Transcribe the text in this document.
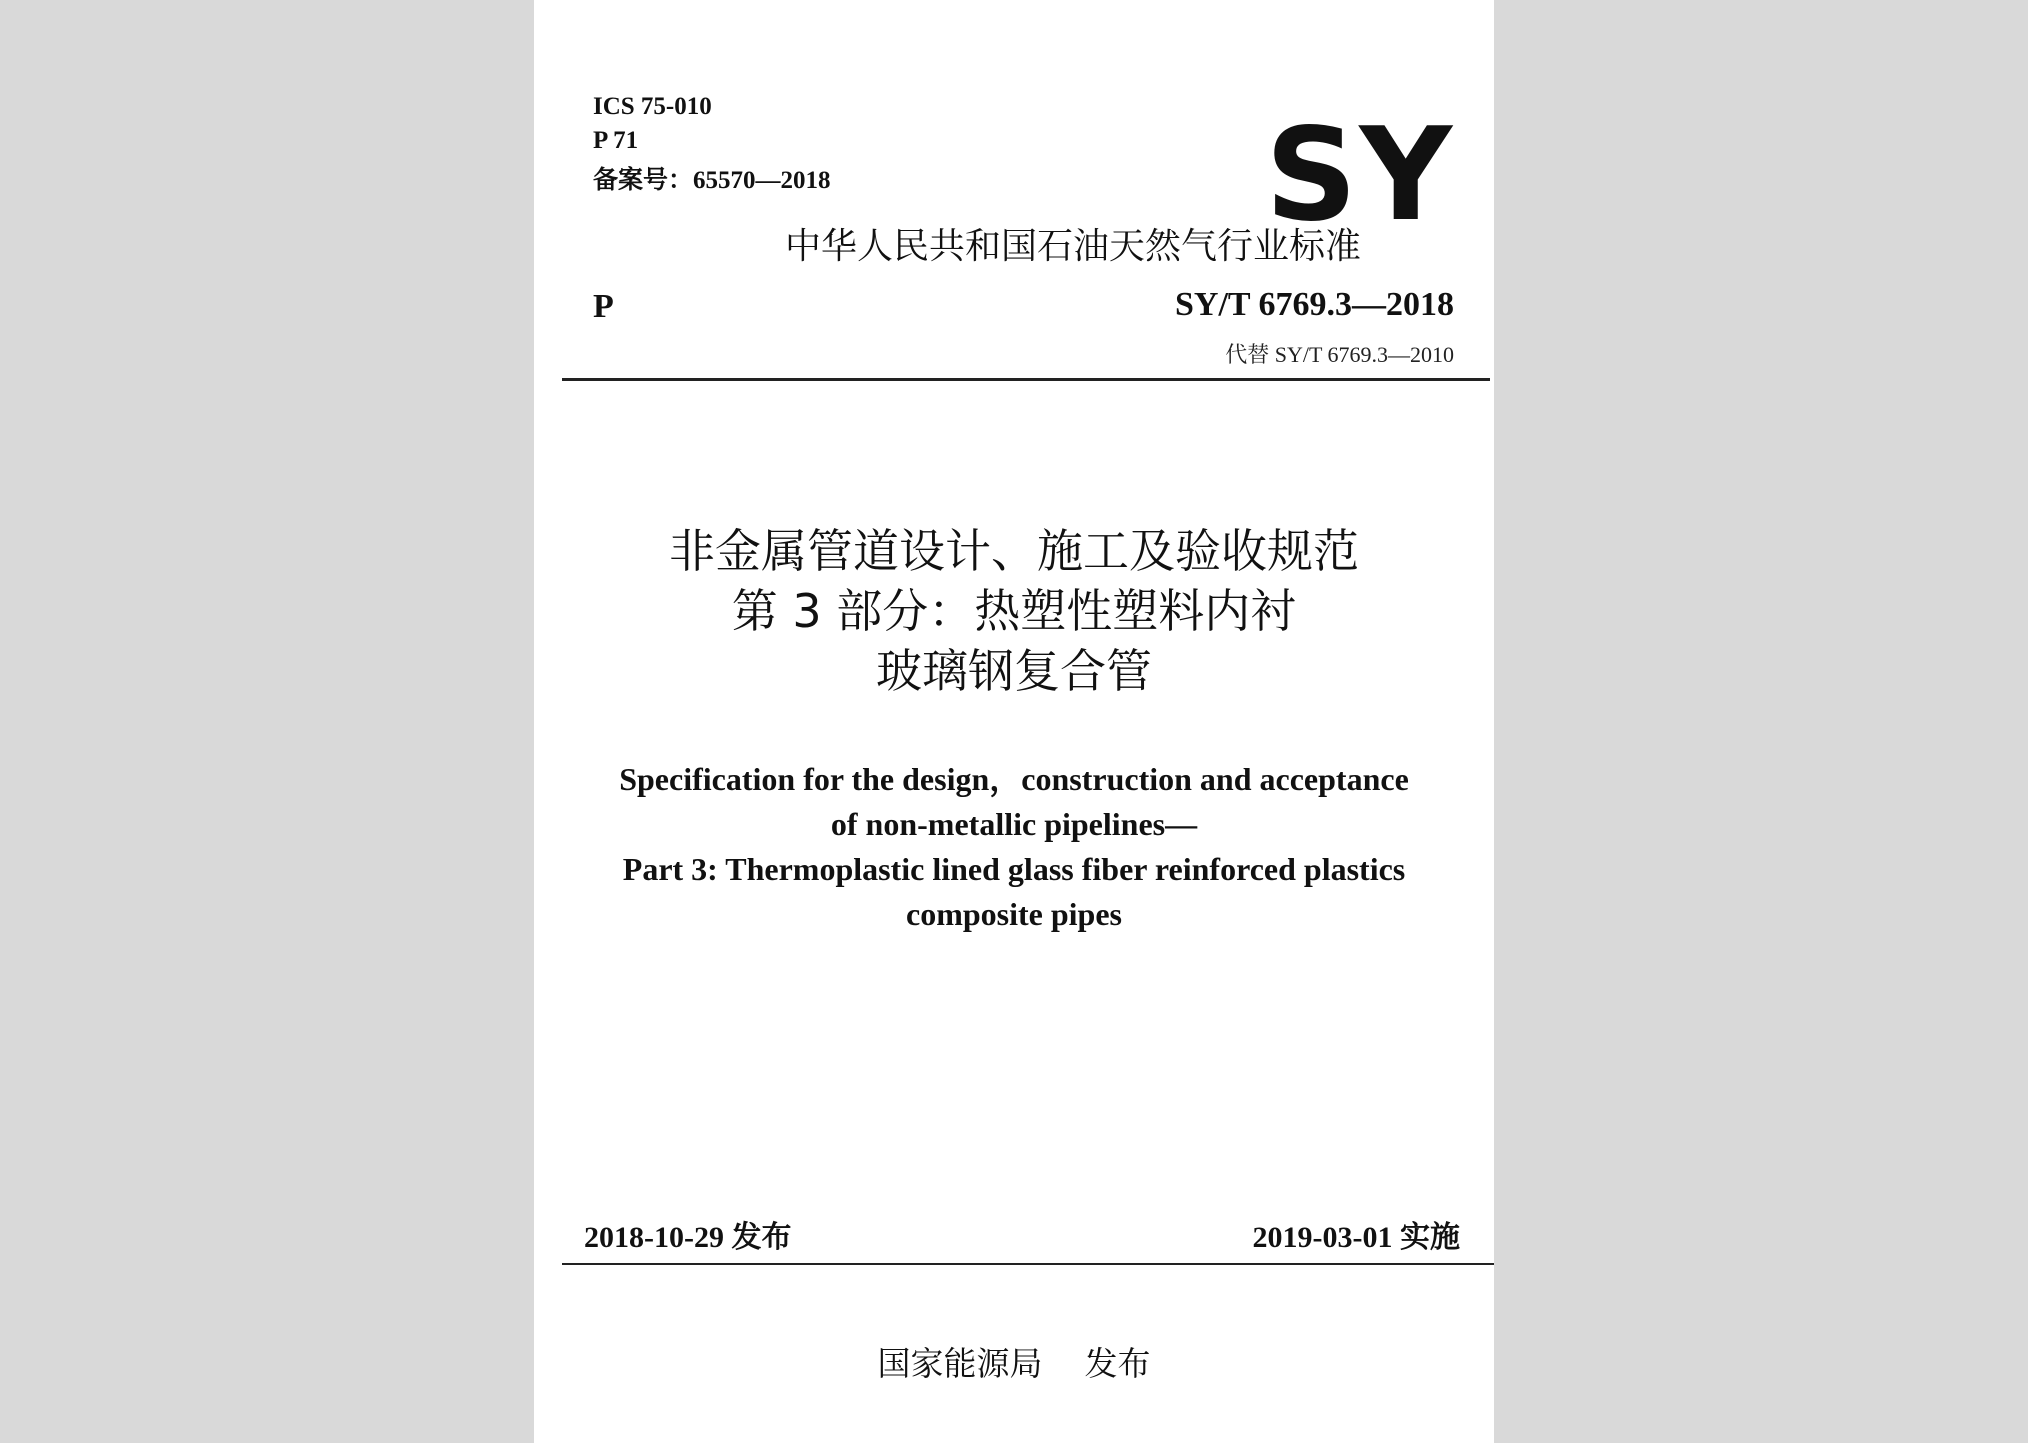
ICS 75-010
P 71
备案号：65570—2018	SY
中华人民共和国石油天然气行业标准
P	SY/T 6769.3—2018
代替 SY/T 6769.3—2010
非金属管道设计、施工及验收规范
第 3 部分：热塑性塑料内衬
玻璃钢复合管
Specification for the design，construction and acceptance
of non-metallic pipelines—
Part 3: Thermoplastic lined glass fiber reinforced plastics
composite pipes
2018-10-29 发布	2019-03-01 实施
国家能源局    发布
